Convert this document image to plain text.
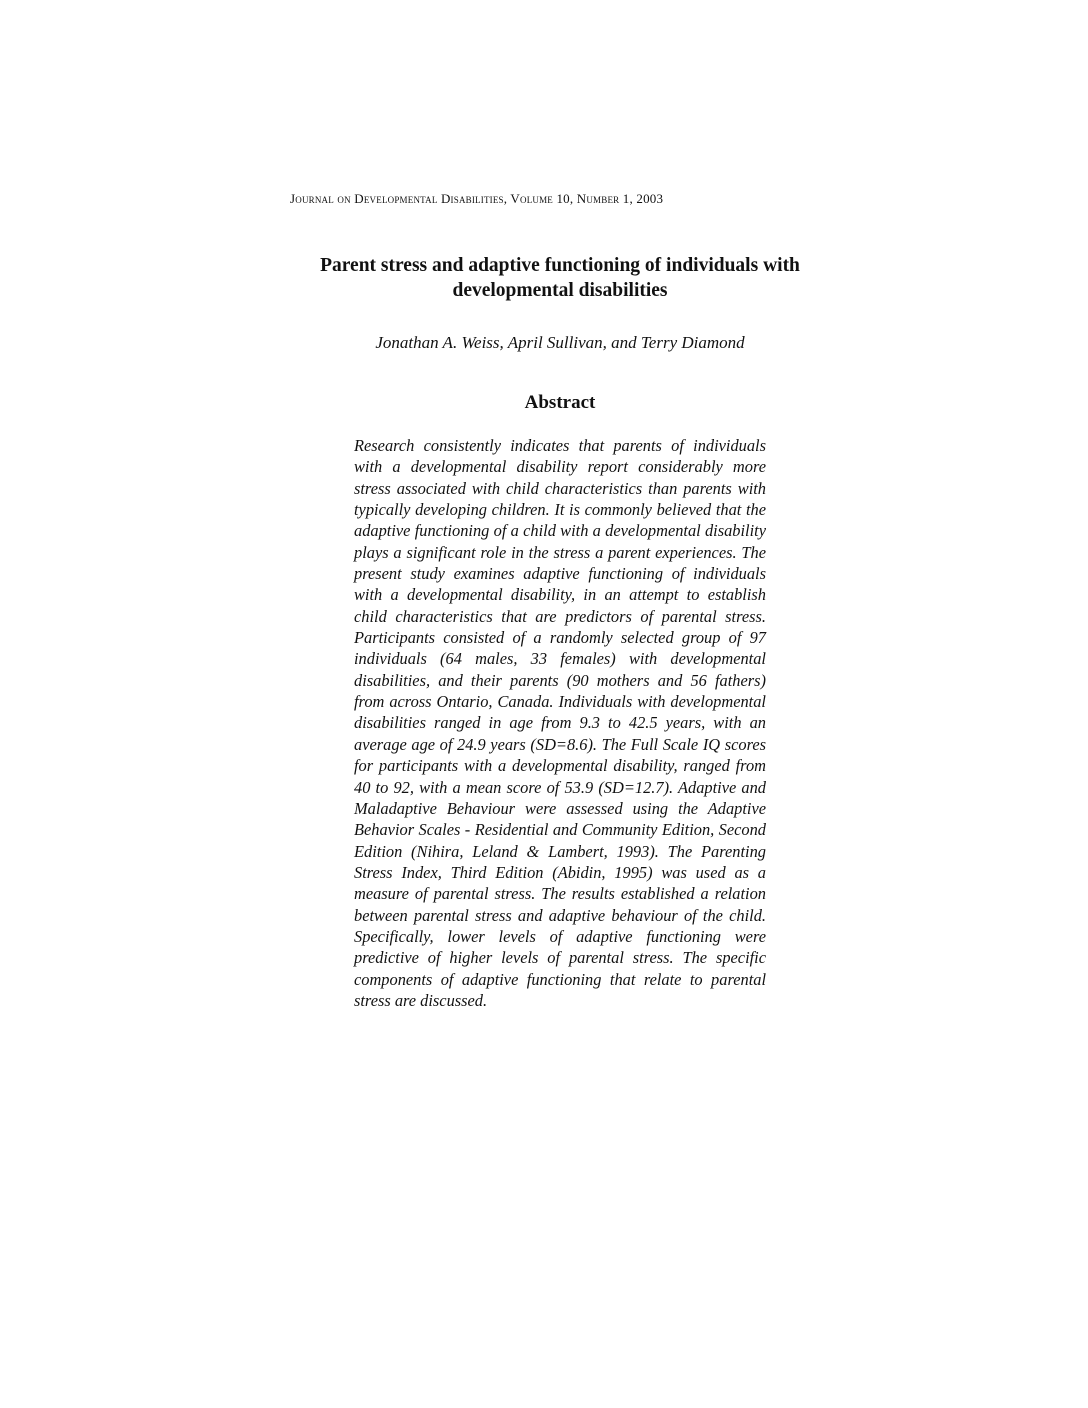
Journal on Developmental Disabilities, Volume 10, Number 1, 2003
Parent stress and adaptive functioning of individuals with developmental disabilities
Jonathan A. Weiss, April Sullivan, and Terry Diamond
Abstract
Research consistently indicates that parents of individuals with a developmental disability report considerably more stress associated with child characteristics than parents with typically developing children. It is commonly believed that the adaptive functioning of a child with a developmental disability plays a significant role in the stress a parent experiences. The present study examines adaptive functioning of individuals with a developmental disability, in an attempt to establish child characteristics that are predictors of parental stress. Participants consisted of a randomly selected group of 97 individuals (64 males, 33 females) with developmental disabilities, and their parents (90 mothers and 56 fathers) from across Ontario, Canada. Individuals with developmental disabilities ranged in age from 9.3 to 42.5 years, with an average age of 24.9 years (SD=8.6). The Full Scale IQ scores for participants with a developmental disability, ranged from 40 to 92, with a mean score of 53.9 (SD=12.7). Adaptive and Maladaptive Behaviour were assessed using the Adaptive Behavior Scales - Residential and Community Edition, Second Edition (Nihira, Leland & Lambert, 1993). The Parenting Stress Index, Third Edition (Abidin, 1995) was used as a measure of parental stress. The results established a relation between parental stress and adaptive behaviour of the child. Specifically, lower levels of adaptive functioning were predictive of higher levels of parental stress. The specific components of adaptive functioning that relate to parental stress are discussed.
